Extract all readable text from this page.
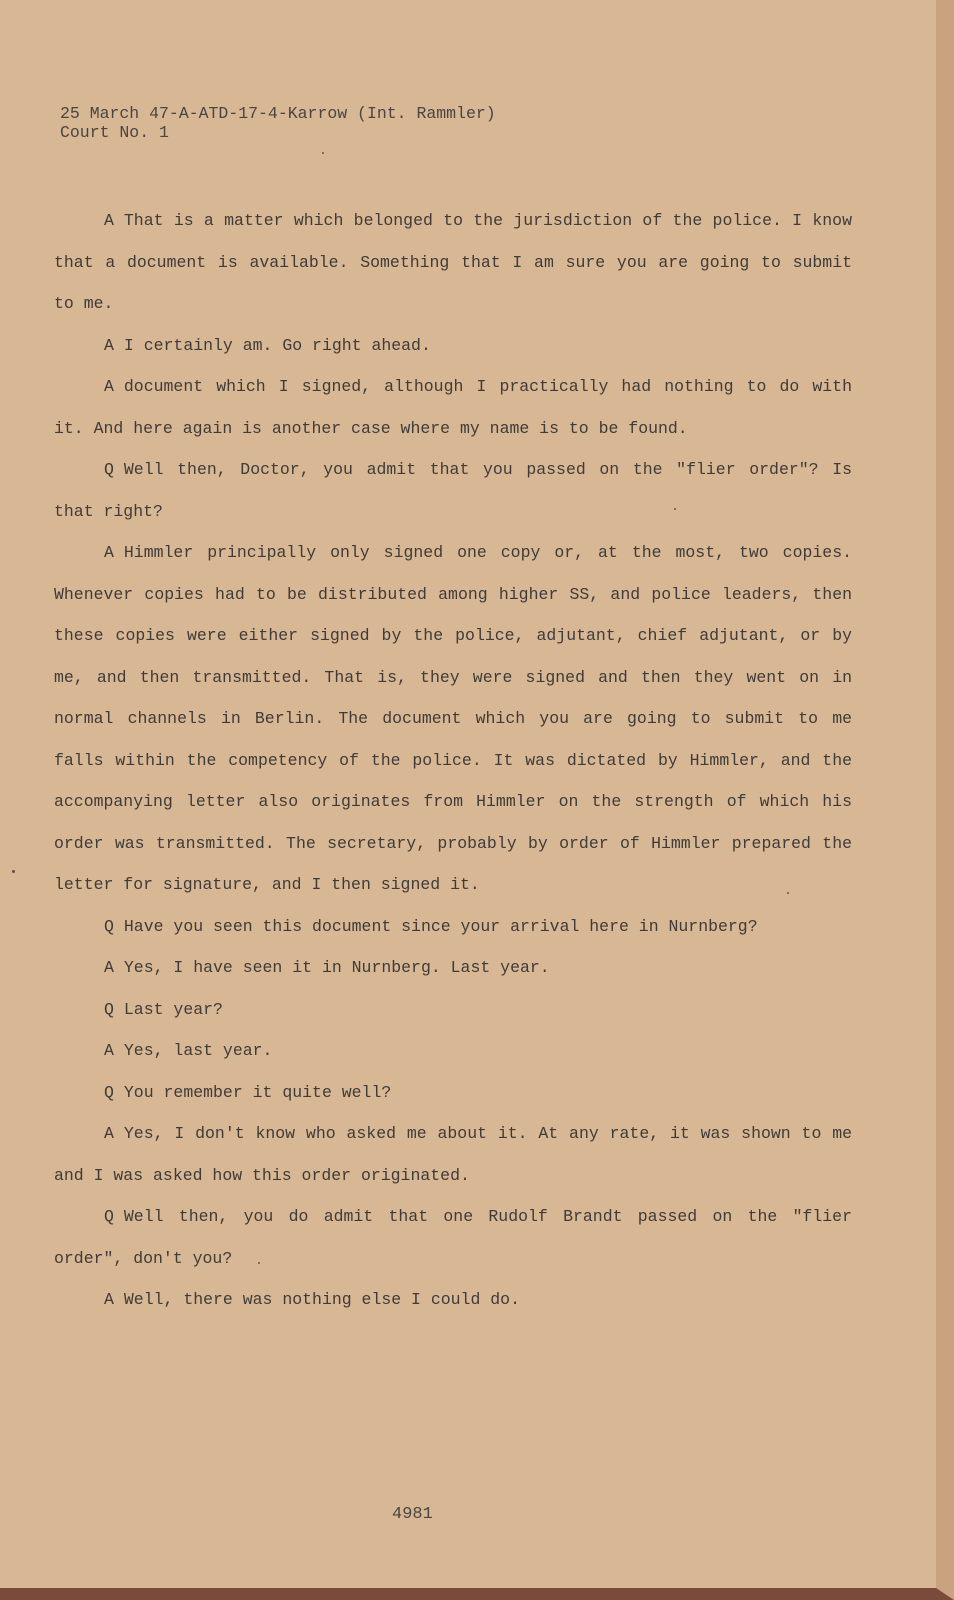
25 March 47-A-ATD-17-4-Karrow (Int. Rammler)
Court No. 1

A That is a matter which belonged to the jurisdiction of the police. I know that a document is available. Something that I am sure you are going to submit to me.

A I certainly am. Go right ahead.

A document which I signed, although I practically had nothing to do with it. And here again is another case where my name is to be found.

Q Well then, Doctor, you admit that you passed on the "flier order"? Is that right?

A Himmler principally only signed one copy or, at the most, two copies. Whenever copies had to be distributed among higher SS, and police leaders, then these copies were either signed by the police, adjutant, chief adjutant, or by me, and then transmitted. That is, they were signed and then they went on in normal channels in Berlin. The document which you are going to submit to me falls within the competency of the police. It was dictated by Himmler, and the accompanying letter also originates from Himmler on the strength of which his order was transmitted. The secretary, probably by order of Himmler prepared the letter for signature, and I then signed it.

Q Have you seen this document since your arrival here in Nurnberg?

A Yes, I have seen it in Nurnberg. Last year.

Q Last year?

A Yes, last year.

Q You remember it quite well?

A Yes, I don't know who asked me about it. At any rate, it was shown to me and I was asked how this order originated.

Q Well then, you do admit that one Rudolf Brandt passed on the "flier order", don't you?

A Well, there was nothing else I could do.

4981
